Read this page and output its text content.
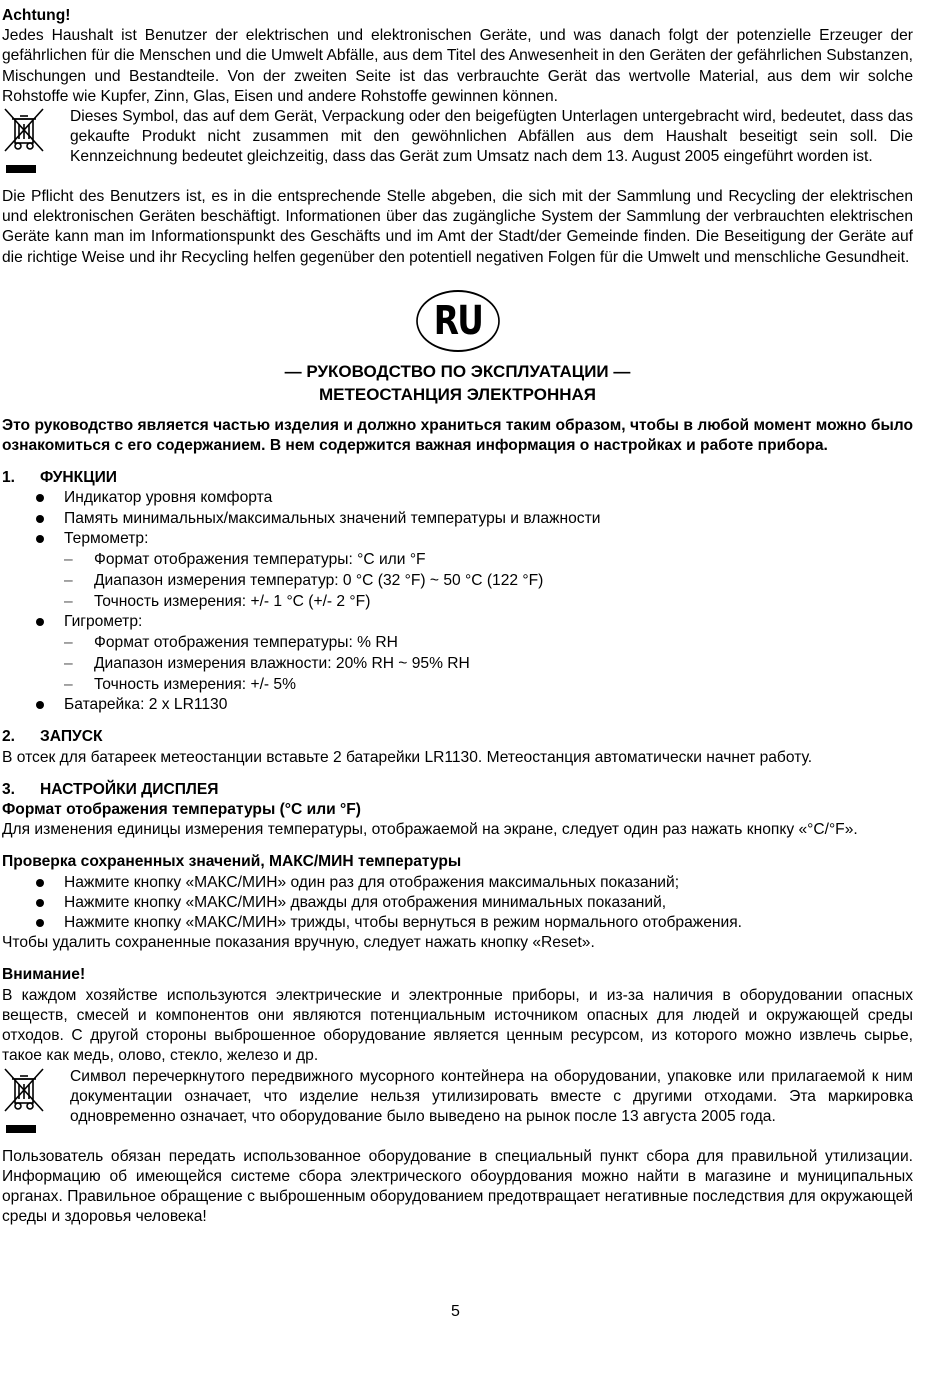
Achtung!

Jedes Haushalt ist Benutzer der elektrischen und elektronischen Geräte, und was danach folgt der potenzielle Erzeuger der gefährlichen für die Menschen und die Umwelt Abfälle, aus dem Titel des Anwesenheit in den Geräten der gefährlichen Substanzen, Mischungen und Bestandteile. Von der zweiten Seite ist das verbrauchte Gerät das wertvolle Material, aus dem wir solche Rohstoffe wie Kupfer, Zinn, Glas, Eisen und andere Rohstoffe gewinnen können.

Dieses Symbol, das auf dem Gerät, Verpackung oder den beigefügten Unterlagen untergebracht wird, bedeutet, dass das gekaufte Produkt nicht zusammen mit den gewöhnlichen Abfällen aus dem Haushalt beseitigt sein soll. Die Kennzeichnung bedeutet gleichzeitig, dass das Gerät zum Umsatz nach dem 13. August 2005 eingeführt worden ist.

Die Pflicht des Benutzers ist, es in die entsprechende Stelle abgeben, die sich mit der Sammlung und Recycling der elektrischen und elektronischen Geräten beschäftigt. Informationen über das zugängliche System der Sammlung der verbrauchten elektrischen Geräte kann man im Informationspunkt des Geschäfts und im Amt der Stadt/der Gemeinde finden. Die Beseitigung der Geräte auf die richtige Weise und ihr Recycling helfen gegenüber den potentiell negativen Folgen für die Umwelt und menschliche Gesundheit.

RU
— РУКОВОДСТВО ПО ЭКСПЛУАТАЦИИ —
МЕТЕОСТАНЦИЯ ЭЛЕКТРОННАЯ

Это руководство является частью изделия и должно храниться таким образом, чтобы в любой момент можно было ознакомиться с его содержанием. В нем содержится важная информация о настройках и работе прибора.

1.	ФУНКЦИИ
Индикатор уровня комфорта
Память минимальных/максимальных значений температуры и влажности
Термометр:
– Формат отображения температуры: °C или °F
– Диапазон измерения температур: 0 °C (32 °F) ~ 50 °C (122 °F)
– Точность измерения: +/- 1 °C (+/- 2 °F)
Гигрометр:
– Формат отображения температуры: % RH
– Диапазон измерения влажности: 20% RH ~ 95% RH
– Точность измерения: +/- 5%
Батарейка: 2 x LR1130
2.	ЗАПУСК

В отсек для батареек метеостанции вставьте 2 батарейки LR1130. Метеостанция автоматически начнет работу.

3.	НАСТРОЙКИ ДИСПЛЕЯ

Формат отображения температуры (°C или °F)

Для изменения единицы измерения температуры, отображаемой на экране, следует один раз нажать кнопку «°C/°F».

Проверка сохраненных значений, МАКС/МИН температуры

Нажмите кнопку «МАКС/МИН» один раз для отображения максимальных показаний;
Нажмите кнопку «МАКС/МИН» дважды для отображения минимальных показаний,
Нажмите кнопку «МАКС/МИН» трижды, чтобы вернуться в режим нормального отображения.

Чтобы удалить сохраненные показания вручную, следует нажать кнопку «Reset».

Внимание!

В каждом хозяйстве используются электрические и электронные приборы, и из-за наличия в оборудовании опасных веществ, смесей и компонентов они являются потенциальным источником опасных для людей и окружающей среды отходов. С другой стороны выброшенное оборудование является ценным ресурсом, из которого можно извлечь сырье, такое как медь, олово, стекло, железо и др.

Символ перечеркнутого передвижного мусорного контейнера на оборудовании, упаковке или прилагаемой к ним документации означает, что изделие нельзя утилизировать вместе с другими отходами. Эта маркировка одновременно означает, что оборудование было выведено на рынок после 13 августа 2005 года.

Пользователь обязан передать использованное оборудование в специальный пункт сбора для правильной утилизации. Информацию об имеющейся системе сбора электрического обоурдования можно найти в магазине и муниципальных органах. Правильное обращение с выброшенным оборудованием предотвращает негативные последствия для окружающей среды и здоровья человека!

5
